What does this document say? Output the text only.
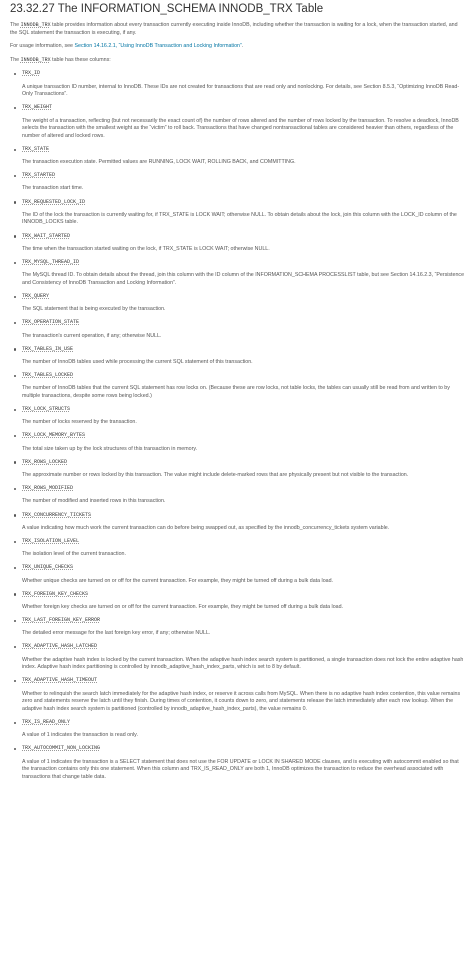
23.32.27 The INFORMATION_SCHEMA INNODB_TRX Table

The INNODB_TRX table provides information about every transaction currently executing inside InnoDB, including whether the transaction is waiting for a lock, when the transaction started, and the SQL statement the transaction is executing, if any.

For usage information, see Section 14.16.2.1, “Using InnoDB Transaction and Locking Information”.

The INNODB_TRX table has these columns:

TRX_ID

A unique transaction ID number, internal to InnoDB. These IDs are not created for transactions that are read only and nonlocking. For details, see Section 8.5.3, “Optimizing InnoDB Read-Only Transactions”.

TRX_WEIGHT

The weight of a transaction, reflecting (but not necessarily the exact count of) the number of rows altered and the number of rows locked by the transaction. To resolve a deadlock, InnoDB selects the transaction with the smallest weight as the “victim” to roll back. Transactions that have changed nontransactional tables are considered heavier than others, regardless of the number of altered and locked rows.

TRX_STATE

The transaction execution state. Permitted values are RUNNING, LOCK WAIT, ROLLING BACK, and COMMITTING.

TRX_STARTED

The transaction start time.

TRX_REQUESTED_LOCK_ID

The ID of the lock the transaction is currently waiting for, if TRX_STATE is LOCK WAIT; otherwise NULL. To obtain details about the lock, join this column with the LOCK_ID column of the INNODB_LOCKS table.

TRX_WAIT_STARTED

The time when the transaction started waiting on the lock, if TRX_STATE is LOCK WAIT; otherwise NULL.

TRX_MYSQL_THREAD_ID

The MySQL thread ID. To obtain details about the thread, join this column with the ID column of the INFORMATION_SCHEMA PROCESSLIST table, but see Section 14.16.2.3, “Persistence and Consistency of InnoDB Transaction and Locking Information”.

TRX_QUERY

The SQL statement that is being executed by the transaction.

TRX_OPERATION_STATE

The transaction's current operation, if any; otherwise NULL.

TRX_TABLES_IN_USE

The number of InnoDB tables used while processing the current SQL statement of this transaction.

TRX_TABLES_LOCKED

The number of InnoDB tables that the current SQL statement has row locks on. (Because these are row locks, not table locks, the tables can usually still be read from and written to by multiple transactions, despite some rows being locked.)

TRX_LOCK_STRUCTS

The number of locks reserved by the transaction.

TRX_LOCK_MEMORY_BYTES

The total size taken up by the lock structures of this transaction in memory.

TRX_ROWS_LOCKED

The approximate number or rows locked by this transaction. The value might include delete-marked rows that are physically present but not visible to the transaction.

TRX_ROWS_MODIFIED

The number of modified and inserted rows in this transaction.

TRX_CONCURRENCY_TICKETS

A value indicating how much work the current transaction can do before being swapped out, as specified by the innodb_concurrency_tickets system variable.

TRX_ISOLATION_LEVEL

The isolation level of the current transaction.

TRX_UNIQUE_CHECKS

Whether unique checks are turned on or off for the current transaction. For example, they might be turned off during a bulk data load.

TRX_FOREIGN_KEY_CHECKS

Whether foreign key checks are turned on or off for the current transaction. For example, they might be turned off during a bulk data load.

TRX_LAST_FOREIGN_KEY_ERROR

The detailed error message for the last foreign key error, if any; otherwise NULL.

TRX_ADAPTIVE_HASH_LATCHED

Whether the adaptive hash index is locked by the current transaction. When the adaptive hash index search system is partitioned, a single transaction does not lock the entire adaptive hash index. Adaptive hash index partitioning is controlled by innodb_adaptive_hash_index_parts, which is set to 8 by default.

TRX_ADAPTIVE_HASH_TIMEOUT

Whether to relinquish the search latch immediately for the adaptive hash index, or reserve it across calls from MySQL. When there is no adaptive hash index contention, this value remains zero and statements reserve the latch until they finish. During times of contention, it counts down to zero, and statements release the latch immediately after each row lookup. When the adaptive hash index search system is partitioned (controlled by innodb_adaptive_hash_index_parts), the value remains 0.

TRX_IS_READ_ONLY

A value of 1 indicates the transaction is read only.

TRX_AUTOCOMMIT_NON_LOCKING

A value of 1 indicates the transaction is a SELECT statement that does not use the FOR UPDATE or LOCK IN SHARED MODE clauses, and is executing with autocommit enabled so that the transaction contains only this one statement. When this column and TRX_IS_READ_ONLY are both 1, InnoDB optimizes the transaction to reduce the overhead associated with transactions that change table data.
